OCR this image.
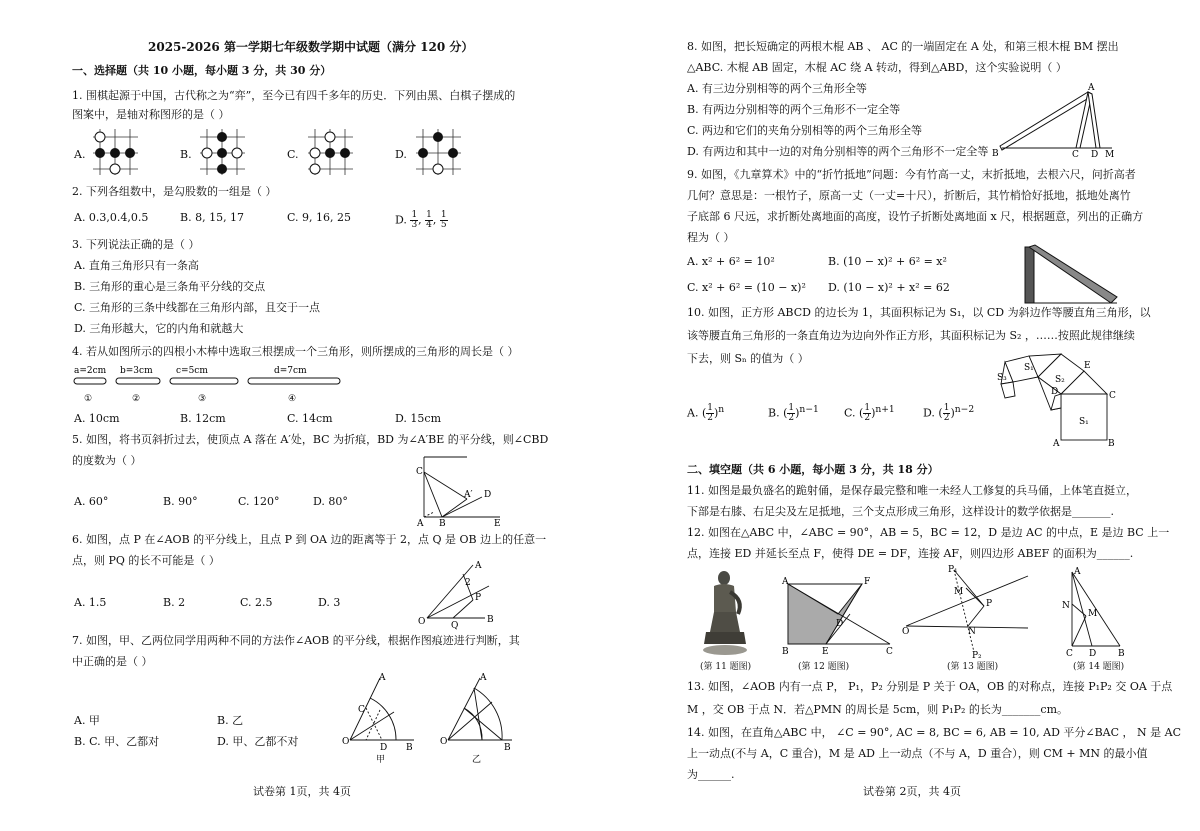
2025-2026 第一学期七年级数学期中试题（满分 120 分）
一、选择题（共 10 小题，每小题 3 分，共 30 分）
1. 围棋起源于中国，古代称之为“弈”，至今已有四千多年的历史．下列由黑、白棋子摆成的
图案中，是轴对称图形的是（ ）
A.	B.	C.	D.
2. 下列各组数中，是勾股数的一组是（ ）
A. 0.3,0.4,0.5	B. 8, 15, 17	C. 9, 16, 25	D. $\frac{1}{3}$ , $\frac{1}{4}$ , $\frac{1}{5}$
3. 下列说法正确的是（ ）
A. 直角三角形只有一条高
B. 三角形的重心是三条角平分线的交点
C. 三角形的三条中线都在三角形内部，且交于一点
D. 三角形越大，它的内角和就越大
4. 若从如图所示的四根小木棒中选取三根摆成一个三角形，则所摆成的三角形的周长是（ ）
a=2cm b=3cm	c=5cm	d=7cm
①	②	③	④
A. 10cm	B. 12cm	C. 14cm	D. 15cm
5. 如图，将书页斜折过去，使顶点 A 落在 A′处，BC 为折痕，BD 为∠A′BE 的平分线，则∠CBD
的度数为（ ）
A. 60°	B. 90°	C. 120°	D. 80°
C
A′ D
A B	E
6. 如图，点 P 在∠AOB 的平分线上，且点 P 到 OA 边的距离等于 2，点 Q 是 OB 边上的任意一
点，则 PQ 的长不可能是（ ）
A. 1.5	B. 2	C. 2.5	D. 3
A
2
P
O	Q
B
7. 如图，甲、乙两位同学用两种不同的方法作∠AOB 的平分线，根据作图痕迹进行判断，其
中正确的是（ ）
A. 甲	B. 乙
B. C. 甲、乙都对	D. 甲、乙都不对
A
C
D
O
B
甲
A
O
B
乙
试卷第 1页，共 4页
8. 如图，把长短确定的两根木棍 AB 、 AC 的一端固定在 A 处，和第三根木棍 BM 摆出
△ABC. 木棍 AB 固定，木棍 AC 绕 A 转动，得到△ABD，这个实验说明（ ）
A. 有三边分别相等的两个三角形全等
B. 有两边分别相等的两个三角形不一定全等
C. 两边和它们的夹角分别相等的两个三角形全等
D. 有两边和其中一边的对角分别相等的两个三角形不一定全等
A
B	C D M
9. 如图，《九章算术》中的“折竹抵地”问题：今有竹高一丈，末折抵地，去根六尺，问折高者
几何？意思是：一根竹子，原高一丈（一丈=十尺），折断后，其竹梢恰好抵地，抵地处离竹
子底部 6 尺远，求折断处离地面的高度，设竹子折断处离地面 x 尺，根据题意，列出的正确方
程为（ ）
A. x² + 6² = 10²	B. (10 − x)² + 6² = x²
C. x² + 6² = (10 − x)² D. (10 − x)² + x² = 62
10. 如图，正方形 ABCD 的边长为 1，其面积标记为 S₁，以 CD 为斜边作等腰直角三角形，以
该等腰直角三角形的一条直角边为边向外作正方形，其面积标记为 S₂ ，……按照此规律继续
下去，则 Sₙ 的值为（ ）
A. ( $\frac{1}{2} )^n$	B. ( $\frac{1}{2} )^{n-1}$ C. ( $\frac{1}{2} )^{n+1}$	D. ( $\frac{1}{2} )^{n-2}$
S₃
S₁
S₂
E
D	C
S₁
A	B
二、填空题（共 6 小题，每小题 3 分，共 18 分）
11. 如图是最负盛名的跪射俑，是保存最完整和唯一未经人工修复的兵马俑，上体笔直挺立，
下部是右膝、右足尖及左足抵地，三个支点形成三角形，这样设计的数学依据是_______.
12. 如图在△ABC 中，∠ABC = 90°，AB = 5，BC = 12，D 是边 AC 的中点，E 是边 BC 上一
点，连接 ED 并延长至点 F，使得 DE = DF，连接 AF，则四边形 ABEF 的面积为______.
(第 11 题图)
A	F
D
B	E	C
(第 12 题图)
P₁
M
P
O	N
P₂
(第 13 题图)
A
N
M
C D B
(第 14 题图)
13. 如图，∠AOB 内有一点 P， P₁，P₂ 分别是 P 关于 OA，OB 的对称点，连接 P₁P₂ 交 OA 于点
M ，交 OB 于点 N．若△PMN 的周长是 5cm，则 P₁P₂ 的长为_______cm。
14. 如图，在直角△ABC 中， ∠C = 90°, AC = 8, BC = 6, AB = 10, AD 平分∠BAC ， N 是 AC
上一动点(不与 A，C 重合)，M 是 AD 上一动点（不与 A，D 重合），则 CM + MN 的最小值
为______.
试卷第 2页，共 4页
